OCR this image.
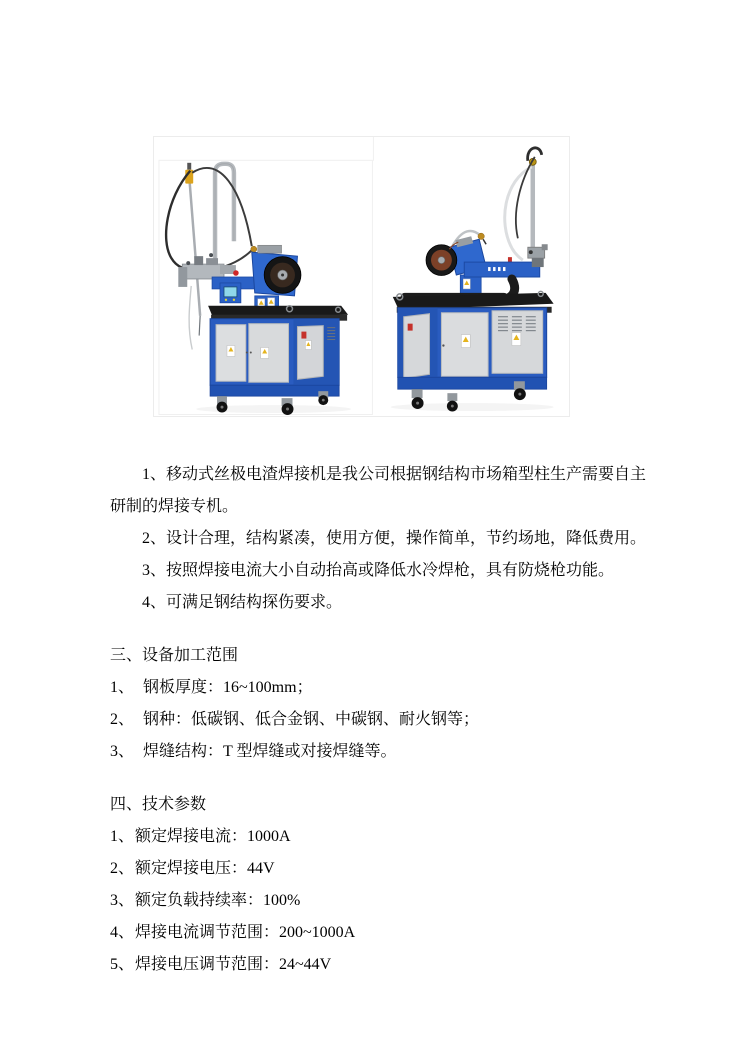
1、移动式丝极电渣焊接机是我公司根据钢结构市场箱型柱生产需要自主

研制的焊接专机。

2、设计合理，结构紧凑，使用方便，操作简单，节约场地，降低费用。

3、按照焊接电流大小自动抬高或降低水冷焊枪，具有防烧枪功能。

4、可满足钢结构探伤要求。

三、设备加工范围

1、 钢板厚度：16~100mm；

2、 钢种：低碳钢、低合金钢、中碳钢、耐火钢等；

3、 焊缝结构：T 型焊缝或对接焊缝等。

四、技术参数

1、额定焊接电流：1000A

2、额定焊接电压：44V

3、额定负载持续率：100%

4、焊接电流调节范围：200~1000A

5、焊接电压调节范围：24~44V
